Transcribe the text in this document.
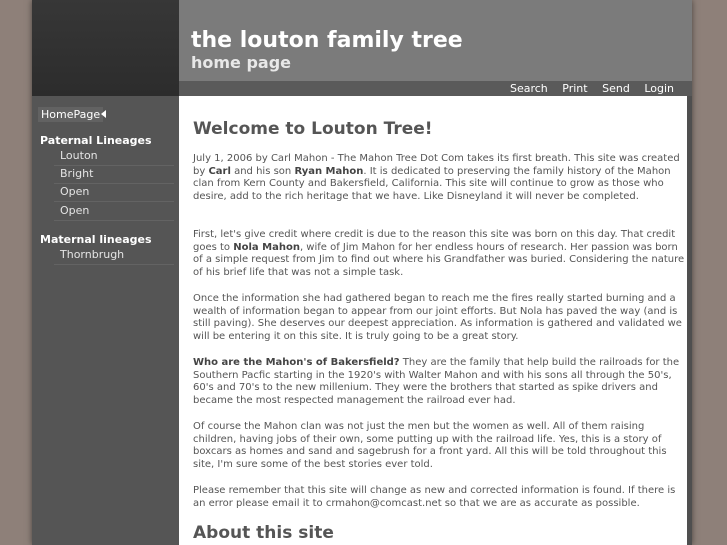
the louton family tree
home page
Search Print Send Login
HomePage
Paternal Lineages
Louton
Bright
Open
Open
Maternal lineages
Thornbrugh
Welcome to Louton Tree!

July 1, 2006 by Carl Mahon - The Mahon Tree Dot Com takes its first breath. This site was created by Carl and his son Ryan Mahon. It is dedicated to preserving the family history of the Mahon clan from Kern County and Bakersfield, California. This site will continue to grow as those who desire, add to the rich heritage that we have. Like Disneyland it will never be completed.

First, let's give credit where credit is due to the reason this site was born on this day. That credit goes to Nola Mahon, wife of Jim Mahon for her endless hours of research. Her passion was born of a simple request from Jim to find out where his Grandfather was buried. Considering the nature of his brief life that was not a simple task.

Once the information she had gathered began to reach me the fires really started burning and a wealth of information began to appear from our joint efforts. But Nola has paved the way (and is still paving). She deserves our deepest appreciation. As information is gathered and validated we will be entering it on this site. It is truly going to be a great story.

Who are the Mahon's of Bakersfield? They are the family that help build the railroads for the Southern Pacfic starting in the 1920's with Walter Mahon and with his sons all through the 50's, 60's and 70's to the new millenium. They were the brothers that started as spike drivers and became the most respected management the railroad ever had.

Of course the Mahon clan was not just the men but the women as well. All of them raising children, having jobs of their own, some putting up with the railroad life. Yes, this is a story of boxcars as homes and sand and sagebrush for a front yard. All this will be told throughout this site, I'm sure some of the best stories ever told.

Please remember that this site will change as new and corrected information is found. If there is an error please email it to crmahon@comcast.net so that we are as accurate as possible.

About this site
